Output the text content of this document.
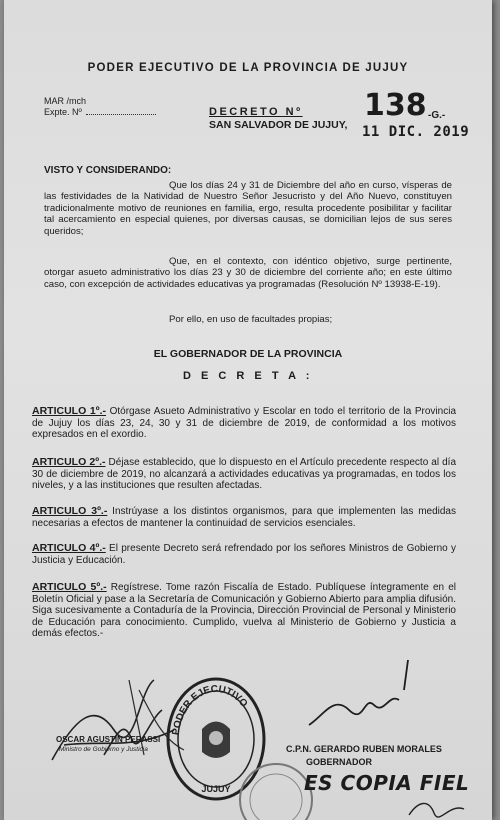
PODER EJECUTIVO DE LA PROVINCIA DE JUJUY
MAR /mch
Expte. Nº	DECRETO Nº 138 -G.-
SAN SALVADOR DE JUJUY, 11 DIC. 2019
VISTO Y CONSIDERANDO:
Que los días 24 y 31 de Diciembre del año en curso, vísperas de las festividades de la Natividad de Nuestro Señor Jesucristo y del Año Nuevo, constituyen tradicionalmente motivo de reuniones en familia, ergo, resulta procedente posibilitar y facilitar tal acercamiento en especial quienes, por diversas causas, se domicilian lejos de sus seres queridos;
Que, en el contexto, con idéntico objetivo, surge pertinente, otorgar asueto administrativo los días 23 y 30 de diciembre del corriente año; en este último caso, con excepción de actividades educativas ya programadas (Resolución Nº 13938-E-19).
Por ello, en uso de facultades propias;
EL GOBERNADOR DE LA PROVINCIA
D E C R E T A :
ARTICULO 1º.- Otórgase Asueto Administrativo y Escolar en todo el territorio de la Provincia de Jujuy los días 23, 24, 30 y 31 de diciembre de 2019, de conformidad a los motivos expresados en el exordio.
ARTICULO 2º.- Déjase establecido, que lo dispuesto en el Artículo precedente respecto al día 30 de diciembre de 2019, no alcanzará a actividades educativas ya programadas, en todos los niveles, y a las instituciones que resulten afectadas.
ARTICULO 3º.- Instrúyase a los distintos organismos, para que implementen las medidas necesarias a efectos de mantener la continuidad de servicios esenciales.
ARTICULO 4º.- El presente Decreto será refrendado por los señores Ministros de Gobierno y Justicia y Educación.
ARTICULO 5º.- Regístrese. Tome razón Fiscalía de Estado. Publíquese íntegramente en el Boletín Oficial y pase a la Secretaría de Comunicación y Gobierno Abierto para amplia difusión. Siga sucesivamente a Contaduría de la Provincia, Dirección Provincial de Personal y Ministerio de Educación para conocimiento. Cumplido, vuelva al Ministerio de Gobierno y Justicia a demás efectos.-
OSCAR AGUSTIN PERASSI
Ministro de Gobierno y Justicia
PODER EJECUTIVO
JUJUY
C.P.N. GERARDO RUBEN MORALES
GOBERNADOR
ES COPIA FIEL
